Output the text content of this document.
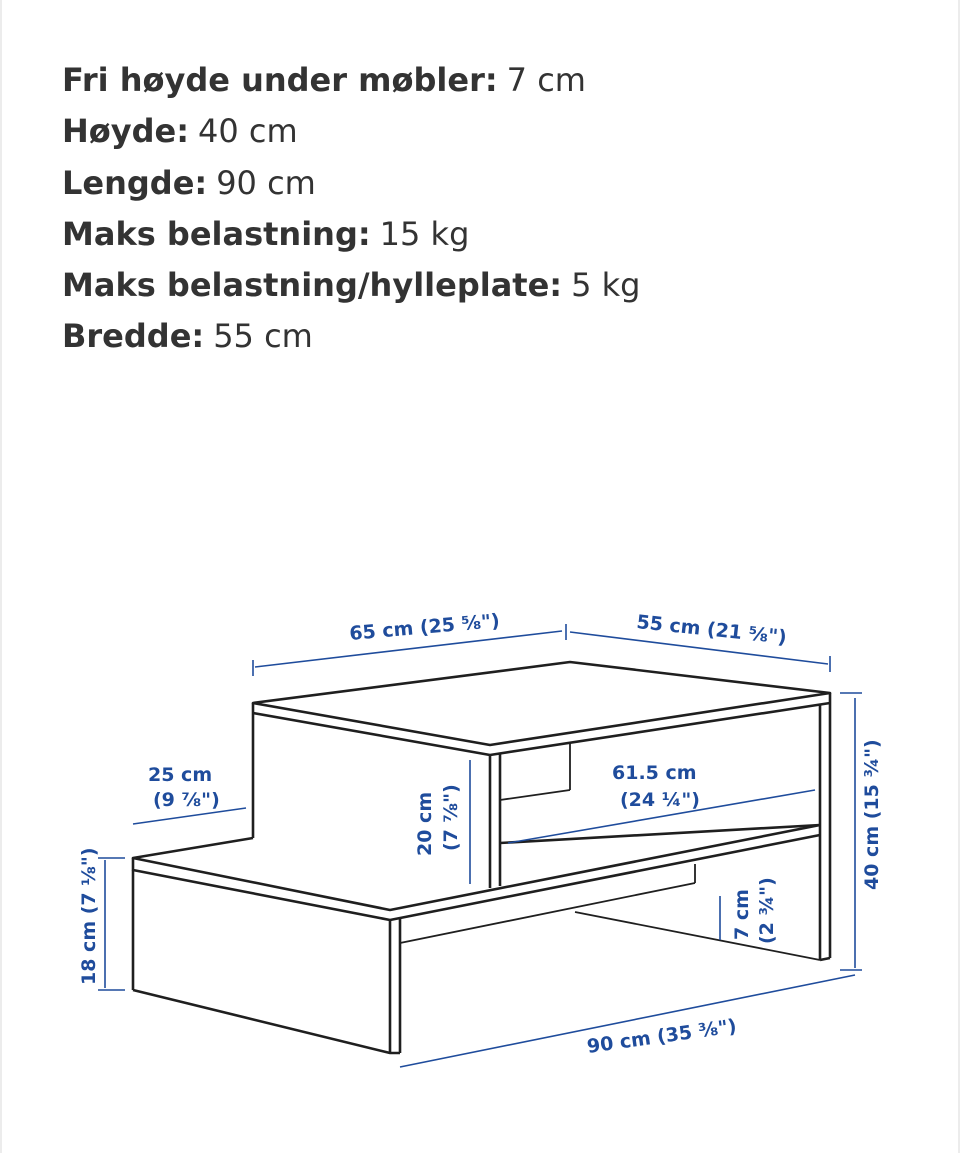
Fri høyde under møbler: 7 cm
Høyde: 40 cm
Lengde: 90 cm
Maks belastning: 15 kg
Maks belastning/hylleplate: 5 kg
Bredde: 55 cm
65 cm (25 ⅝")	55 cm (21 ⅝")
25 cm
(9 ⅞")
18 cm (7 ⅛")
20 cm (7 ⅞")
61.5 cm
(24 ¼")
7 cm (2 ¾")
40 cm (15 ¾")
90 cm (35 ⅜")
